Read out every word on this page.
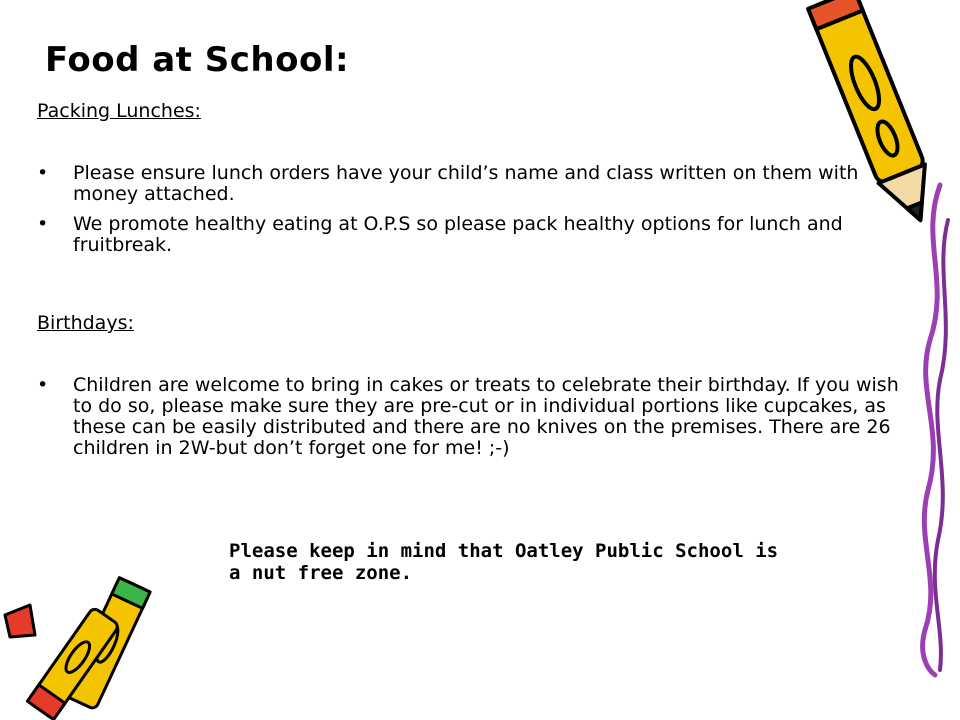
Food at School:

Packing Lunches:

• Please ensure lunch orders have your child’s name and class written on them with money attached.
• We promote healthy eating at O.P.S so please pack healthy options for lunch and fruitbreak.

Birthdays:

• Children are welcome to bring in cakes or treats to celebrate their birthday. If you wish to do so, please make sure they are pre-cut or in individual portions like cupcakes, as these can be easily distributed and there are no knives on the premises. There are 26 children in 2W-but don’t forget one for me! ;-)

Please keep in mind that Oatley Public School is a nut free zone.
